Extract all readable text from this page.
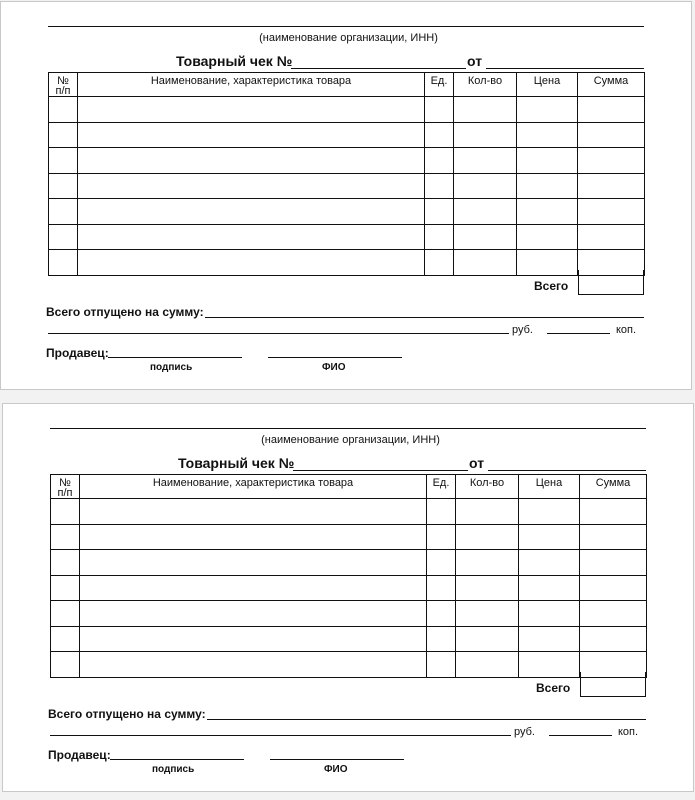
(наименование организации, ИНН)
Товарный чек №	от
№
п/п	Наименование, характеристика товара	Ед.	Кол-во	Цена	Сумма

Всего
Всего отпущено на сумму:
руб.	коп.
Продавец:
подпись	ФИО
(наименование организации, ИНН)
Товарный чек №	от
№
п/п	Наименование, характеристика товара	Ед.	Кол-во	Цена	Сумма

Всего
Всего отпущено на сумму:
руб.	коп.
Продавец:
подпись	ФИО
